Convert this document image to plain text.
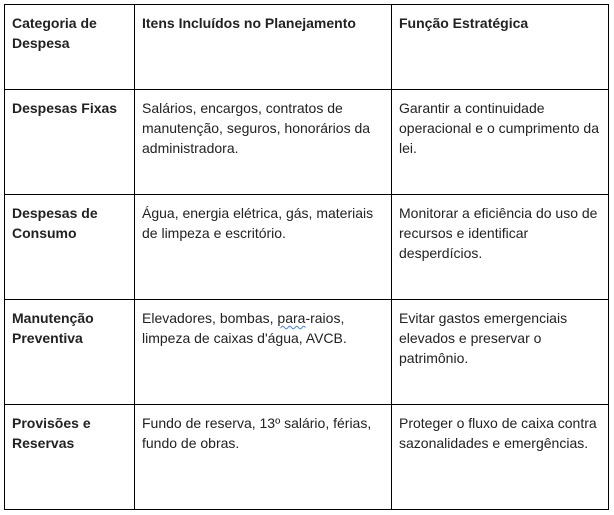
Categoria de Despesa	Itens Incluídos no Planejamento	Função Estratégica
Despesas Fixas	Salários, encargos, contratos de manutenção, seguros, honorários da administradora.	Garantir a continuidade operacional e o cumprimento da lei.
Despesas de Consumo	Água, energia elétrica, gás, materiais de limpeza e escritório.	Monitorar a eficiência do uso de recursos e identificar desperdícios.
Manutenção Preventiva	Elevadores, bombas, para-raios, limpeza de caixas d'água, AVCB.	Evitar gastos emergenciais elevados e preservar o patrimônio.
Provisões e Reservas	Fundo de reserva, 13º salário, férias, fundo de obras.	Proteger o fluxo de caixa contra sazonalidades e emergências.
